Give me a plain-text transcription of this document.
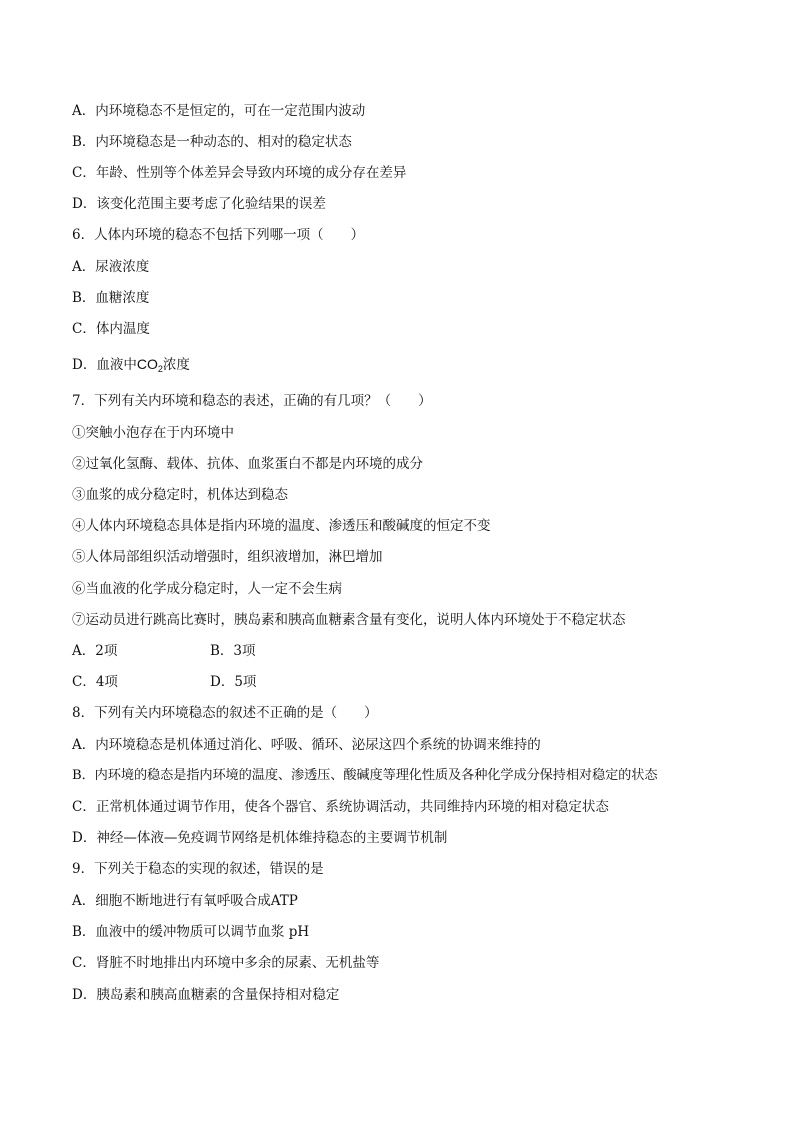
A．内环境稳态不是恒定的，可在一定范围内波动
B．内环境稳态是一种动态的、相对的稳定状态
C．年龄、性别等个体差异会导致内环境的成分存在差异
D．该变化范围主要考虑了化验结果的误差
6．人体内环境的稳态不包括下列哪一项（　　）
A．尿液浓度
B．血糖浓度
C．体内温度
D．血液中$CO_2$浓度
7．下列有关内环境和稳态的表述，正确的有几项？（　　）
①突触小泡存在于内环境中
②过氧化氢酶、载体、抗体、血浆蛋白不都是内环境的成分
③血浆的成分稳定时，机体达到稳态
④人体内环境稳态具体是指内环境的温度、渗透压和酸碱度的恒定不变
⑤人体局部组织活动增强时，组织液增加，淋巴增加
⑥当血液的化学成分稳定时，人一定不会生病
⑦运动员进行跳高比赛时，胰岛素和胰高血糖素含量有变化，说明人体内环境处于不稳定状态
A．2项	B．3项
C．4项	D．5项
8．下列有关内环境稳态的叙述不正确的是（　　）
A．内环境稳态是机体通过消化、呼吸、循环、泌尿这四个系统的协调来维持的
B．内环境的稳态是指内环境的温度、渗透压、酸碱度等理化性质及各种化学成分保持相对稳定的状态
C．正常机体通过调节作用，使各个器官、系统协调活动，共同维持内环境的相对稳定状态
D．神经—体液—免疫调节网络是机体维持稳态的主要调节机制
9．下列关于稳态的实现的叙述，错误的是
A．细胞不断地进行有氧呼吸合成ATP
B．血液中的缓冲物质可以调节血浆 pH
C．肾脏不时地排出内环境中多余的尿素、无机盐等
D．胰岛素和胰高血糖素的含量保持相对稳定
